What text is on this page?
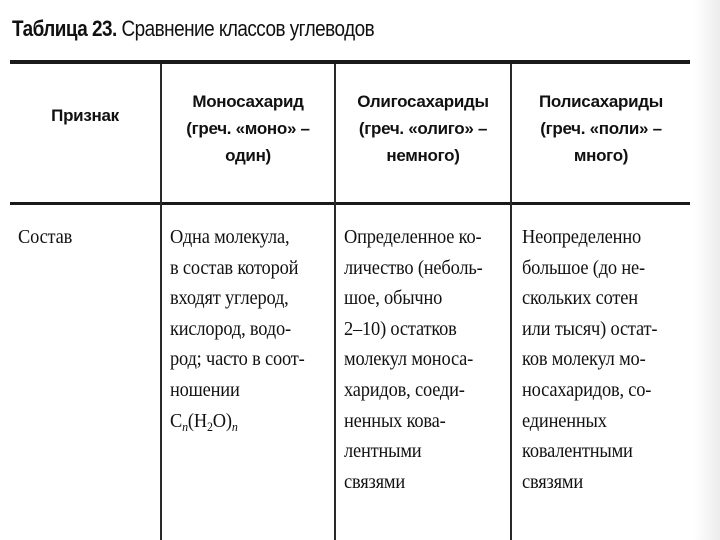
Таблица 23. Сравнение классов углеводов
Признак
Моносахарид
(греч. «моно» –
один)
Олигосахариды
(греч. «олиго» –
немного)
Полисахариды
(греч. «поли» –
много)
Состав	Одна молекула,
в состав которой
входят углерод,
кислород, водо-
род; часто в соот-
ношении
$C_n(H_2O)_n$
Определенное ко-
личество (неболь-
шое, обычно
2–10) остатков
молекул моноса-
харидов, соеди-
ненных кова-
лентными
связями
Неопределенно
большое (до не-
скольких сотен
или тысяч) остат-
ков молекул мо-
носахаридов, со-
единенных
ковалентными
связями
